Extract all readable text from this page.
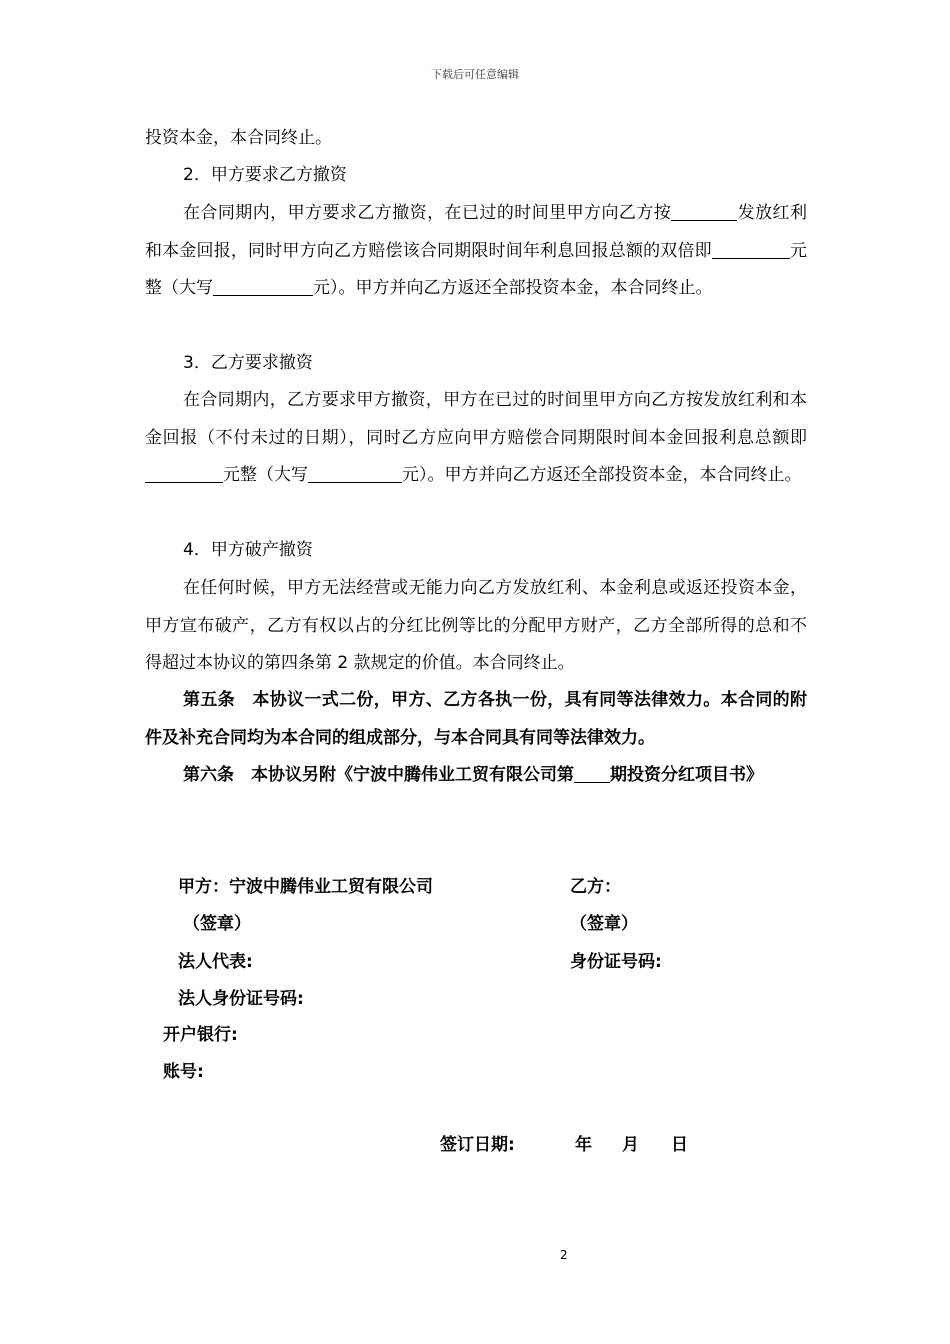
下载后可任意编辑
投资本金，本合同终止。
2．甲方要求乙方撤资
在合同期内，甲方要求乙方撤资，在已过的时间里甲方向乙方按	发放红利和本金回报，同时甲方向乙方赔偿该合同期限时间年利息回报总额的双倍即	元整（大写	元）。甲方并向乙方返还全部投资本金，本合同终止。
3．乙方要求撤资
在合同期内，乙方要求甲方撤资，甲方在已过的时间里甲方向乙方按发放红利和本金回报（不付未过的日期），同时乙方应向甲方赔偿合同期限时间本金回报利息总额即元整（大写	元）。甲方并向乙方返还全部投资本金，本合同终止。
4．甲方破产撤资
在任何时候，甲方无法经营或无能力向乙方发放红利、本金利息或返还投资本金，甲方宣布破产，乙方有权以占的分红比例等比的分配甲方财产，乙方全部所得的总和不得超过本协议的第四条第 2 款规定的价值。本合同终止。
第五条　本协议一式二份，甲方、乙方各执一份，具有同等法律效力。本合同的附件及补充合同均为本合同的组成部分，与本合同具有同等法律效力。
第六条　本协议另附《宁波中腾伟业工贸有限公司第 期投资分红项目书》
甲方：宁波中腾伟业工贸有限公司	乙方：
（签章）	（签章）
法人代表:	身份证号码:
法人身份证号码:
开户银行:
账号:
签订日期:	年 月 日
2
